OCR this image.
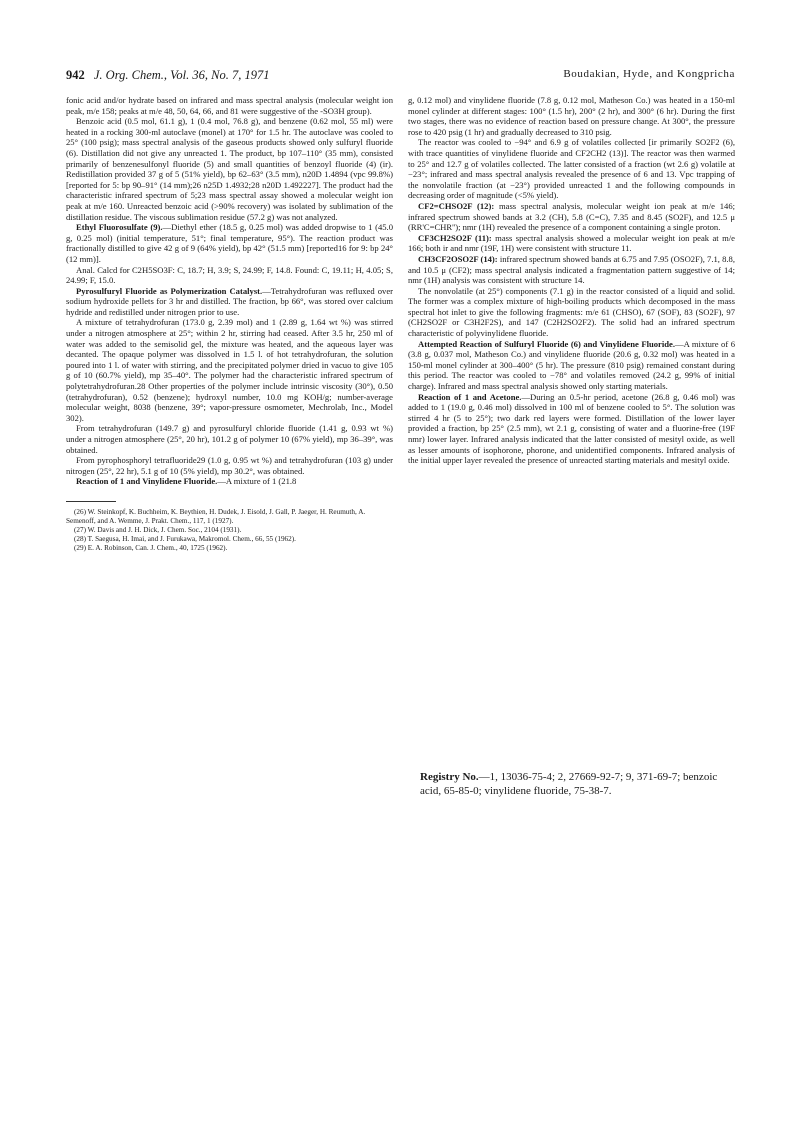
942 J. Org. Chem., Vol. 36, No. 7, 1971	Boudakian, Hyde, and Kongpricha

fonic acid and/or hydrate based on infrared and mass spectral analysis (molecular weight ion peak, m/e 158; peaks at m/e 48, 50, 64, 66, and 81 were suggestive of the -SO3H group).

Benzoic acid (0.5 mol, 61.1 g), 1 (0.4 mol, 76.8 g), and benzene (0.62 mol, 55 ml) were heated in a rocking 300-ml autoclave (monel) at 170° for 1.5 hr. The autoclave was cooled to 25° (100 psig); mass spectral analysis of the gaseous products showed only sulfuryl fluoride (6). Distillation did not give any unreacted 1. The product, bp 107–110° (35 mm), consisted primarily of benzenesulfonyl fluoride (5) and small quantities of benzoyl fluoride (4) (ir). Redistillation provided 37 g of 5 (51% yield), bp 62–63° (3.5 mm), n20D 1.4894 (vpc 99.8%) [reported for 5: bp 90–91° (14 mm);26 n25D 1.4932;28 n20D 1.492227]. The product had the characteristic infrared spectrum of 5;23 mass spectral assay showed a molecular weight ion peak at m/e 160. Unreacted benzoic acid (>90% recovery) was isolated by sublimation of the distillation residue. The viscous sublimation residue (57.2 g) was not analyzed.

Ethyl Fluorosulfate (9).—Diethyl ether (18.5 g, 0.25 mol) was added dropwise to 1 (45.0 g, 0.25 mol) (initial temperature, 51°; final temperature, 95°). The reaction product was fractionally distilled to give 42 g of 9 (64% yield), bp 42° (51.5 mm) [reported16 for 9: bp 24° (12 mm)].

Anal. Calcd for C2H5SO3F: C, 18.7; H, 3.9; S, 24.99; F, 14.8. Found: C, 19.11; H, 4.05; S, 24.99; F, 15.0.

Pyrosulfuryl Fluoride as Polymerization Catalyst.—Tetrahydrofuran was refluxed over sodium hydroxide pellets for 3 hr and distilled. The fraction, bp 66°, was stored over calcium hydride and redistilled under nitrogen prior to use.

A mixture of tetrahydrofuran (173.0 g, 2.39 mol) and 1 (2.89 g, 1.64 wt %) was stirred under a nitrogen atmosphere at 25°; within 2 hr, stirring had ceased. After 3.5 hr, 250 ml of water was added to the semisolid gel, the mixture was heated, and the aqueous layer was decanted. The opaque polymer was dissolved in 1.5 l. of hot tetrahydrofuran, the solution poured into 1 l. of water with stirring, and the precipitated polymer dried in vacuo to give 105 g of 10 (60.7% yield), mp 35–40°. The polymer had the characteristic infrared spectrum of polytetrahydrofuran.28 Other properties of the polymer include intrinsic viscosity (30°), 0.50 (tetrahydrofuran), 0.52 (benzene); hydroxyl number, 10.0 mg KOH/g; number-average molecular weight, 8038 (benzene, 39°; vapor-pressure osmometer, Mechrolab, Inc., Model 302).

From tetrahydrofuran (149.7 g) and pyrosulfuryl chloride fluoride (1.41 g, 0.93 wt %) under a nitrogen atmosphere (25°, 20 hr), 101.2 g of polymer 10 (67% yield), mp 36–39°, was obtained.

From pyrophosphoryl tetrafluoride29 (1.0 g, 0.95 wt %) and tetrahydrofuran (103 g) under nitrogen (25°, 22 hr), 5.1 g of 10 (5% yield), mp 30.2°, was obtained.

Reaction of 1 and Vinylidene Fluoride.—A mixture of 1 (21.8

(26) W. Steinkopf, K. Buchheim, K. Beythien, H. Dudek, J. Eisold, J. Gall, P. Jaeger, H. Reumuth, A. Semenoff, and A. Wemme, J. Prakt. Chem., 117, 1 (1927).

(27) W. Davis and J. H. Dick, J. Chem. Soc., 2104 (1931).

(28) T. Saegusa, H. Imai, and J. Furukawa, Makromol. Chem., 66, 55 (1962).

(29) E. A. Robinson, Can. J. Chem., 40, 1725 (1962).

g, 0.12 mol) and vinylidene fluoride (7.8 g, 0.12 mol, Matheson Co.) was heated in a 150-ml monel cylinder at different stages: 100° (1.5 hr), 200° (2 hr), and 300° (6 hr). During the first two stages, there was no evidence of reaction based on pressure change. At 300°, the pressure rose to 420 psig (1 hr) and gradually decreased to 310 psig.

The reactor was cooled to −94° and 6.9 g of volatiles collected [ir primarily SO2F2 (6), with trace quantities of vinylidene fluoride and CF2CH2 (13)]. The reactor was then warmed to 25° and 12.7 g of volatiles collected. The latter consisted of a fraction (wt 2.6 g) volatile at −23°; infrared and mass spectral analysis revealed the presence of 6 and 13. Vpc trapping of the nonvolatile fraction (at −23°) provided unreacted 1 and the following compounds in decreasing order of magnitude (<5% yield).

CF2=CHSO2F (12): mass spectral analysis, molecular weight ion peak at m/e 146; infrared spectrum showed bands at 3.2 (CH), 5.8 (C=C), 7.35 and 8.45 (SO2F), and 12.5 μ (RR'C=CHR''); nmr (1H) revealed the presence of a component containing a single proton.

CF3CH2SO2F (11): mass spectral analysis showed a molecular weight ion peak at m/e 166; both ir and nmr (19F, 1H) were consistent with structure 11.

CH3CF2OSO2F (14): infrared spectrum showed bands at 6.75 and 7.95 (OSO2F), 7.1, 8.8, and 10.5 μ (CF2); mass spectral analysis indicated a fragmentation pattern suggestive of 14; nmr (1H) analysis was consistent with structure 14.

The nonvolatile (at 25°) components (7.1 g) in the reactor consisted of a liquid and solid. The former was a complex mixture of high-boiling products which decomposed in the mass spectral hot inlet to give the following fragments: m/e 61 (CHSO), 67 (SOF), 83 (SO2F), 97 (CH2SO2F or C3H2F2S), and 147 (C2H2SO2F2). The solid had an infrared spectrum characteristic of polyvinylidene fluoride.

Attempted Reaction of Sulfuryl Fluoride (6) and Vinylidene Fluoride.—A mixture of 6 (3.8 g, 0.037 mol, Matheson Co.) and vinylidene fluoride (20.6 g, 0.32 mol) was heated in a 150-ml monel cylinder at 300–400° (5 hr). The pressure (810 psig) remained constant during this period. The reactor was cooled to −78° and volatiles removed (24.2 g, 99% of initial charge). Infrared and mass spectral analysis showed only starting materials.

Reaction of 1 and Acetone.—During an 0.5-hr period, acetone (26.8 g, 0.46 mol) was added to 1 (19.0 g, 0.46 mol) dissolved in 100 ml of benzene cooled to 5°. The solution was stirred 4 hr (5 to 25°); two dark red layers were formed. Distillation of the lower layer provided a fraction, bp 25° (2.5 mm), wt 2.1 g, consisting of water and a fluorine-free (19F nmr) lower layer. Infrared analysis indicated that the latter consisted of mesityl oxide, as well as lesser amounts of isophorone, phorone, and unidentified components. Infrared analysis of the initial upper layer revealed the presence of unreacted starting materials and mesityl oxide.

Registry No.—1, 13036-75-4; 2, 27669-92-7; 9, 371-69-7; benzoic acid, 65-85-0; vinylidene fluoride, 75-38-7.
